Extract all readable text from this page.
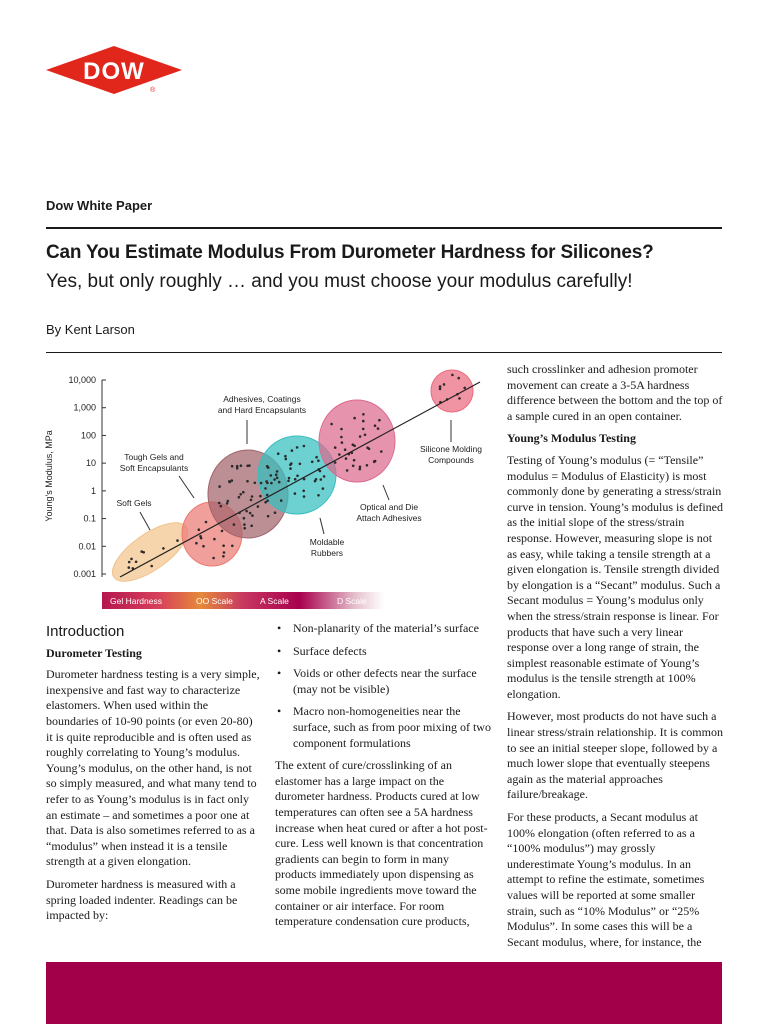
DOW
®
Dow White Paper
Can You Estimate Modulus From Durometer Hardness for Silicones?
Yes, but only roughly … and you must choose your modulus carefully!
By Kent Larson
Young's Modulus, MPa
10,000
1,000
100
10
1
0.1
0.01
0.001
Adhesives, Coatings
and Hard Encapsulants
Tough Gels and
Soft Encapsulants
Soft Gels
Silicone Molding
Compounds
Optical and Die
Attach Adhesives
Moldable
Rubbers
Gel Hardness	OO Scale	A Scale	D Scale
Introduction
Durometer Testing

Durometer hardness testing is a very simple, inexpensive and fast way to characterize elastomers. When used within the boundaries of 10-90 points (or even 20-80) it is quite reproducible and is often used as roughly correlating to Young’s modulus. Young’s modulus, on the other hand, is not so simply measured, and what many tend to refer to as Young’s modulus is in fact only an estimate – and sometimes a poor one at that. Data is also sometimes referred to as a “modulus” when instead it is a tensile strength at a given elongation.

Durometer hardness is measured with a spring loaded indenter. Readings can be impacted by:

• Non-planarity of the material’s surface
• Surface defects
• Voids or other defects near the surface (may not be visible)
• Macro non-homogeneities near the surface, such as from poor mixing of two component formulations

The extent of cure/crosslinking of an elastomer has a large impact on the durometer hardness. Products cured at low temperatures can often see a 5A hardness increase when heat cured or after a hot post-cure. Less well known is that concentration gradients can begin to form in many products immediately upon dispensing as some mobile ingredients move toward the container or air interface. For room temperature condensation cure products,

such crosslinker and adhesion promoter movement can create a 3-5A hardness difference between the bottom and the top of a sample cured in an open container.

Young’s Modulus Testing

Testing of Young’s modulus (= “Tensile” modulus = Modulus of Elasticity) is most commonly done by generating a stress/strain curve in tension. Young’s modulus is defined as the initial slope of the stress/strain response. However, measuring slope is not as easy, while taking a tensile strength at a given elongation is. Tensile strength divided by elongation is a “Secant” modulus. Such a Secant modulus = Young’s modulus only when the stress/strain response is linear. For products that have such a very linear response over a long range of strain, the simplest reasonable estimate of Young’s modulus is the tensile strength at 100% elongation.

However, most products do not have such a linear stress/strain relationship. It is common to see an initial steeper slope, followed by a much lower slope that eventually steepens again as the material approaches failure/breakage.

For these products, a Secant modulus at 100% elongation (often referred to as a “100% modulus”) may grossly underestimate Young’s modulus. In an attempt to refine the estimate, sometimes values will be reported at some smaller strain, such as “10% Modulus” or “25% Modulus”. In some cases this will be a Secant modulus, where, for instance, the
